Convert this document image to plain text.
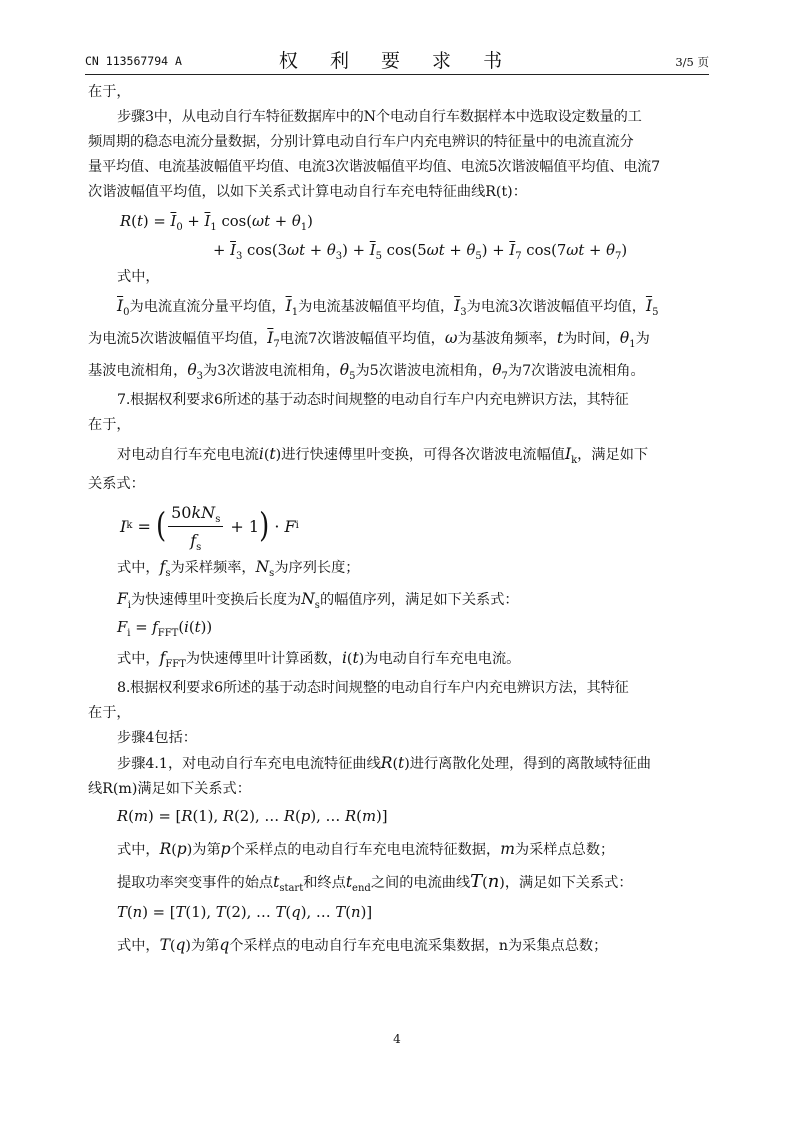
CN 113567794 A	权 利 要 求 书	3/5 页
在于，
步骤3中，从电动自行车特征数据库中的N个电动自行车数据样本中选取设定数量的工
频周期的稳态电流分量数据，分别计算电动自行车户内充电辨识的特征量中的电流直流分
量平均值、电流基波幅值平均值、电流3次谐波幅值平均值、电流5次谐波幅值平均值、电流7
次谐波幅值平均值，以如下关系式计算电动自行车充电特征曲线R(t)：
$R(t) = \overline{I}_0 + \overline{I}_1$ $\cos(\omega t + \theta_1)$
+ $\overline{I}_3$ $\cos(3\omega t + \theta_3) + \overline{I}_5$ $\cos(5\omega t + \theta_5) + \overline{I}_7$ $\cos(7\omega t + \theta_7)$
式中，
$\overline{I}_0$为电流直流分量平均值，$\overline{I}_1$为电流基波幅值平均值，$\overline{I}_3$为电流3次谐波幅值平均值，$\overline{I}_5$
为电流5次谐波幅值平均值，$\overline{I}_7$电流7次谐波幅值平均值，ω为基波角频率，t为时间，$\theta_1$为
基波电流相角，$\theta_3$为3次谐波电流相角，$\theta_5$为5次谐波电流相角，$\theta_7$为7次谐波电流相角。
7.根据权利要求6所述的基于动态时间规整的电动自行车户内充电辨识方法，其特征
在于，
对电动自行车充电电流i(t)进行快速傅里叶变换，可得各次谐波电流幅值$I_k$，满足如下
关系式：
I k = ( $\frac{50kN_s}{f_s} + 1$ ) · F i
式中，$f_s$为采样频率，$N_s$为序列长度；
$F_i$为快速傅里叶变换后长度为$N_s$的幅值序列，满足如下关系式：
$F_i = f_{FFT}(i(t))$
式中，$f_{FFT}$为快速傅里叶计算函数，i(t)为电动自行车充电电流。
8.根据权利要求6所述的基于动态时间规整的电动自行车户内充电辨识方法，其特征
在于，
步骤4包括：
步骤4.1，对电动自行车充电电流特征曲线R(t)进行离散化处理，得到的离散域特征曲
线R(m)满足如下关系式：
R(m) = [R(1), R(2), … R(p), … R(m)]
式中，R(p)为第p个采样点的电动自行车充电电流特征数据，m为采样点总数；
提取功率突变事件的始点$t_{start}$和终点$t_{end}$之间的电流曲线T(n)，满足如下关系式：
T(n) = [T(1), T(2), … T(q), … T(n)]
式中，T(q)为第q个采样点的电动自行车充电电流采集数据，n为采集点总数；
4
